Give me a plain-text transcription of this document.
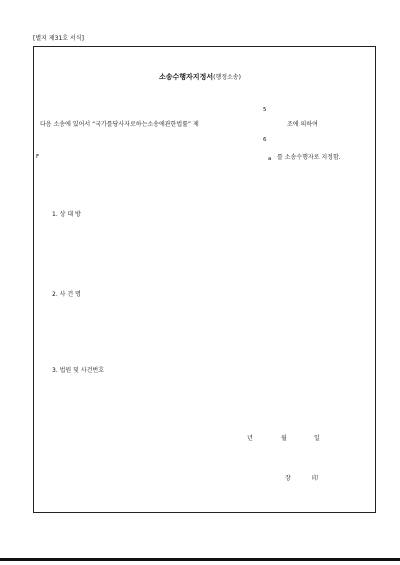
[별지 제31호 서식]
소송수행자지정서(행정소송)
5
다음 소송에 있어서 “국가를당사자로하는소송에관한법률” 제	조에 의하여
6
F	a 를 소송수행자로 지정함.
1. 상 대 방
2. 사 건 명
3. 법원 및 사건번호
년	월	일
장	印
